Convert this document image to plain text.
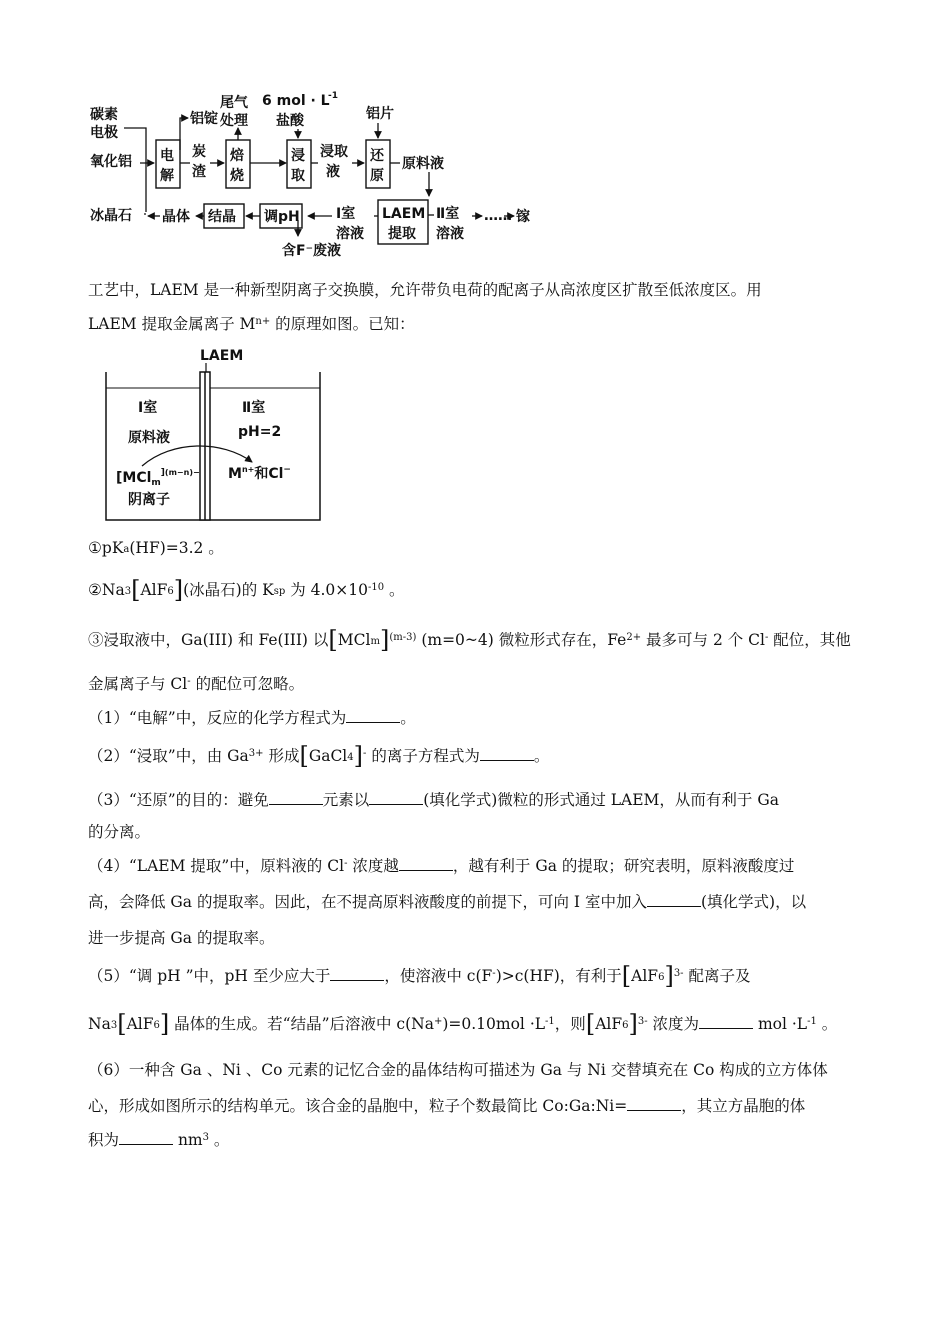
碳素
电极
氧化铝
冰晶石
电
解
铝锭
炭
渣
焙
烧
尾气
处理
6 mol · L
-1
盐酸
浸
取
浸取
液
铝片
还
原
原料液
LAEM
提取
Ⅱ室
溶液
…… 镓
Ⅰ室
溶液
含F⁻废液
调pH
结晶
晶体
工艺中，LAEM 是一种新型阴离子交换膜，允许带负电荷的配离子从高浓度区扩散至低浓度区。用
LAEM 提取金属离子 $M^{n+}$ 的原理如图。已知：
LAEM
Ⅰ室
原料液
[MCl$_m$](m−n)−
阴离子
Ⅱ室
pH=2
$M^{n+}$和Cl−
$①pK_a(HF)=3.2$ 。
$②Na_3[AlF_6]$(冰晶石)的 $K_{sp}$ 为 $4.0\times 10^{-10}$ 。
③浸取液中，Ga(III) 和 Fe(III) 以$[MCl_m]^{(m-3)}$ (m=0~4) 微粒形式存在，$Fe^{2+}$ 最多可与 2 个 Cl- 配位，其他
金属离子与 Cl- 的配位可忽略。
（1）“电解”中，反应的化学方程式为	。
（2）“浸取”中，由 $Ga^{3+}$ 形成[GaCl$_4$]- 的离子方程式为	。
（3）“还原”的目的：避免	元素以	(填化学式)微粒的形式通过 LAEM，从而有利于 Ga
的分离。
（4）“LAEM 提取”中，原料液的 Cl- 浓度越	，越有利于 Ga 的提取；研究表明，原料液酸度过
高，会降低 Ga 的提取率。因此，在不提高原料液酸度的前提下，可向 I 室中加入	(填化学式)，以
进一步提高 Ga 的提取率。
（5）“调 pH ”中，pH 至少应大于	，使溶液中 c(F-)>c(HF)，有利于$[AlF_6]^{3-}$ 配离子及
$Na_3[AlF_6]$ 晶体的生成。若“结晶”后溶液中 $c(Na^+)=0.10mol \cdot L^{-1}$，则$[AlF_6]^{3-}$ 浓度为	mol $\cdot L^{-1}$ 。
（6）一种含 Ga 、Ni 、Co 元素的记忆合金的晶体结构可描述为 Ga 与 Ni 交替填充在 Co 构成的立方体体
心，形成如图所示的结构单元。该合金的晶胞中，粒子个数最简比 Co:Ga:Ni=	，其立方晶胞的体
积为	$nm^3$ 。
